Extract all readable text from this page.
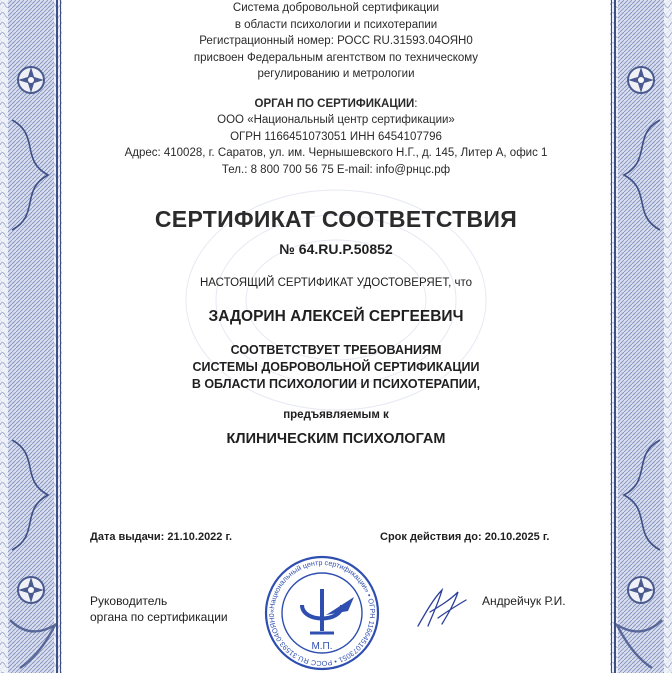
Система добровольной сертификации
в области психологии и психотерапии
Регистрационный номер: РОСС RU.31593.04ОЯН0
присвоен Федеральным агентством по техническому
регулированию и метрологии
ОРГАН ПО СЕРТИФИКАЦИИ:
ООО «Национальный центр сертификации»
ОГРН 1166451073051 ИНН 6454107796
Адрес: 410028, г. Саратов, ул. им. Чернышевского Н.Г., д. 145, Литер А, офис 1
Тел.: 8 800 700 56 75 E-mail: info@рнцс.рф
СЕРТИФИКАТ СООТВЕТСТВИЯ
№ 64.RU.P.50852
НАСТОЯЩИЙ СЕРТИФИКАТ УДОСТОВЕРЯЕТ, что
ЗАДОРИН АЛЕКСЕЙ СЕРГЕЕВИЧ
СООТВЕТСТВУЕТ ТРЕБОВАНИЯМ
СИСТЕМЫ ДОБРОВОЛЬНОЙ СЕРТИФИКАЦИИ
В ОБЛАСТИ ПСИХОЛОГИИ И ПСИХОТЕРАПИИ,
предъявляемым к
КЛИНИЧЕСКИМ ПСИХОЛОГАМ
Дата выдачи: 21.10.2022 г.	Срок действия до: 20.10.2025 г.
Руководитель
органа по сертификации
Андрейчук Р.И.
«Национальный центр сертификации» • ОГРН 1166451073051 • РОСС RU.31593.04ОЯН0
М.П.
